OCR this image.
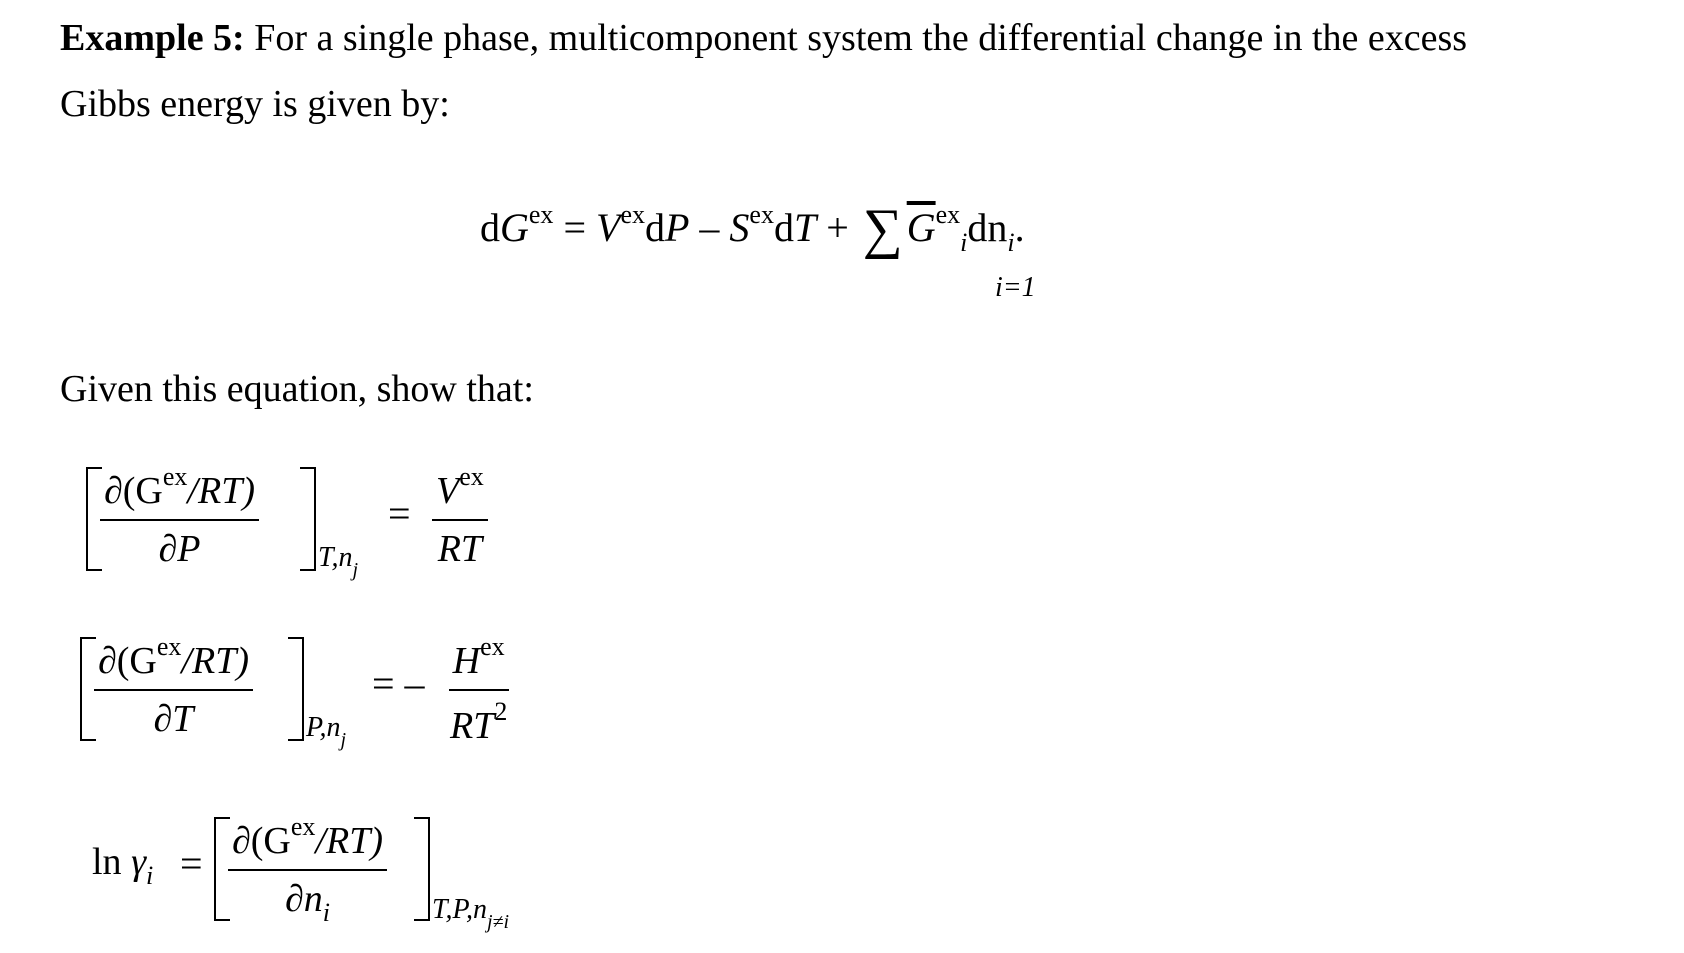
Example 5: For a single phase, multicomponent system the differential change in the excess

Gibbs energy is given by:

$dG^{ex} = V^{ex}dP - S^{ex}dT$ + ∑ $\overline{G}^{ex}_idn_i$.
i=1

Given this equation, show that:

$\frac{\partial(G^{ex}/RT)}{\partial P} T,n_j$
= $\frac{V^{ex}}{RT}$
$\frac{\partial(G^{ex}/RT)}{\partial T} P,n_j$
= – $\frac{H^{ex}}{RT^2}$
$\ln \gamma_i = \frac{\partial(G^{ex}/RT)}{\partial n_i} T,P,n_{j\ne i}$
